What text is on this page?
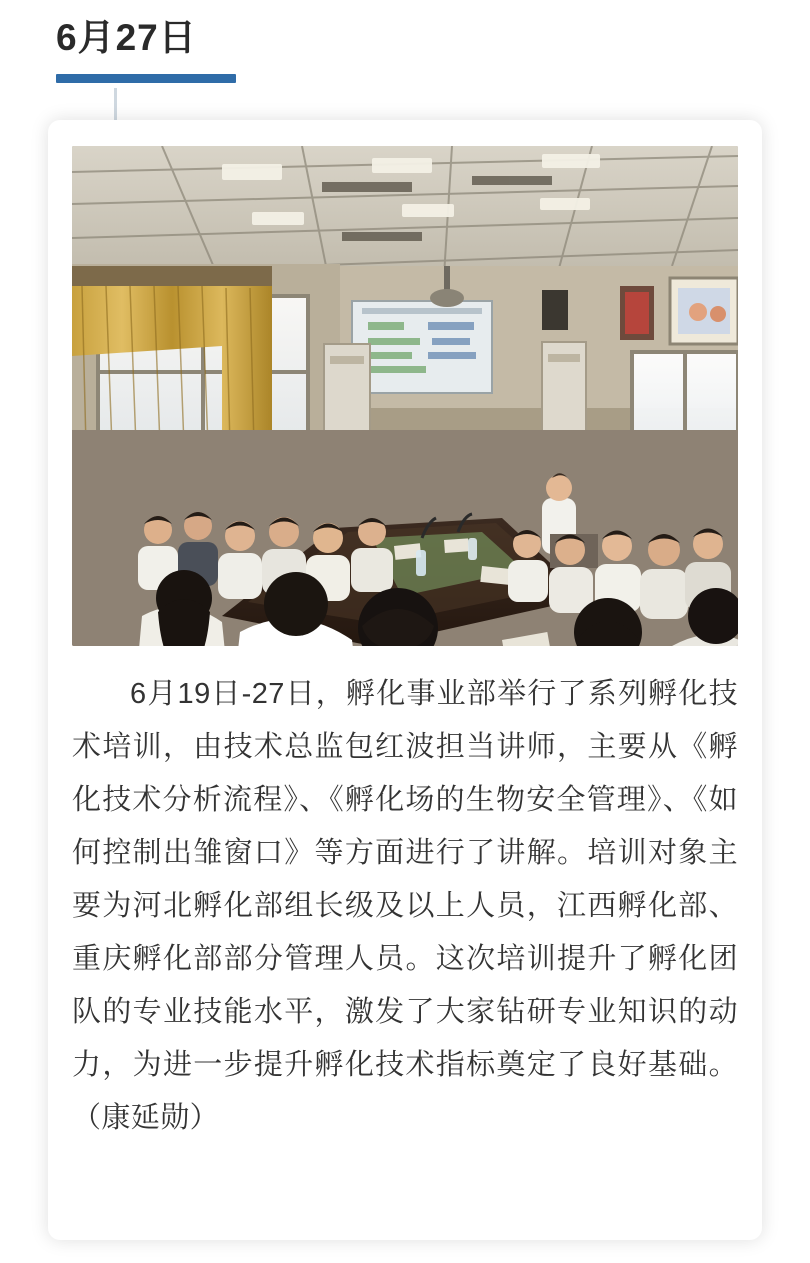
6月27日
6月19日-27日，孵化事业部举行了系列孵化技术培训，由技术总监包红波担当讲师，主要从《孵化技术分析流程》、《孵化场的生物安全管理》、《如何控制出雏窗口》等方面进行了讲解。培训对象主要为河北孵化部组长级及以上人员，江西孵化部、重庆孵化部部分管理人员。这次培训提升了孵化团队的专业技能水平，激发了大家钻研专业知识的动力，为进一步提升孵化技术指标奠定了良好基础。（康延勋）
